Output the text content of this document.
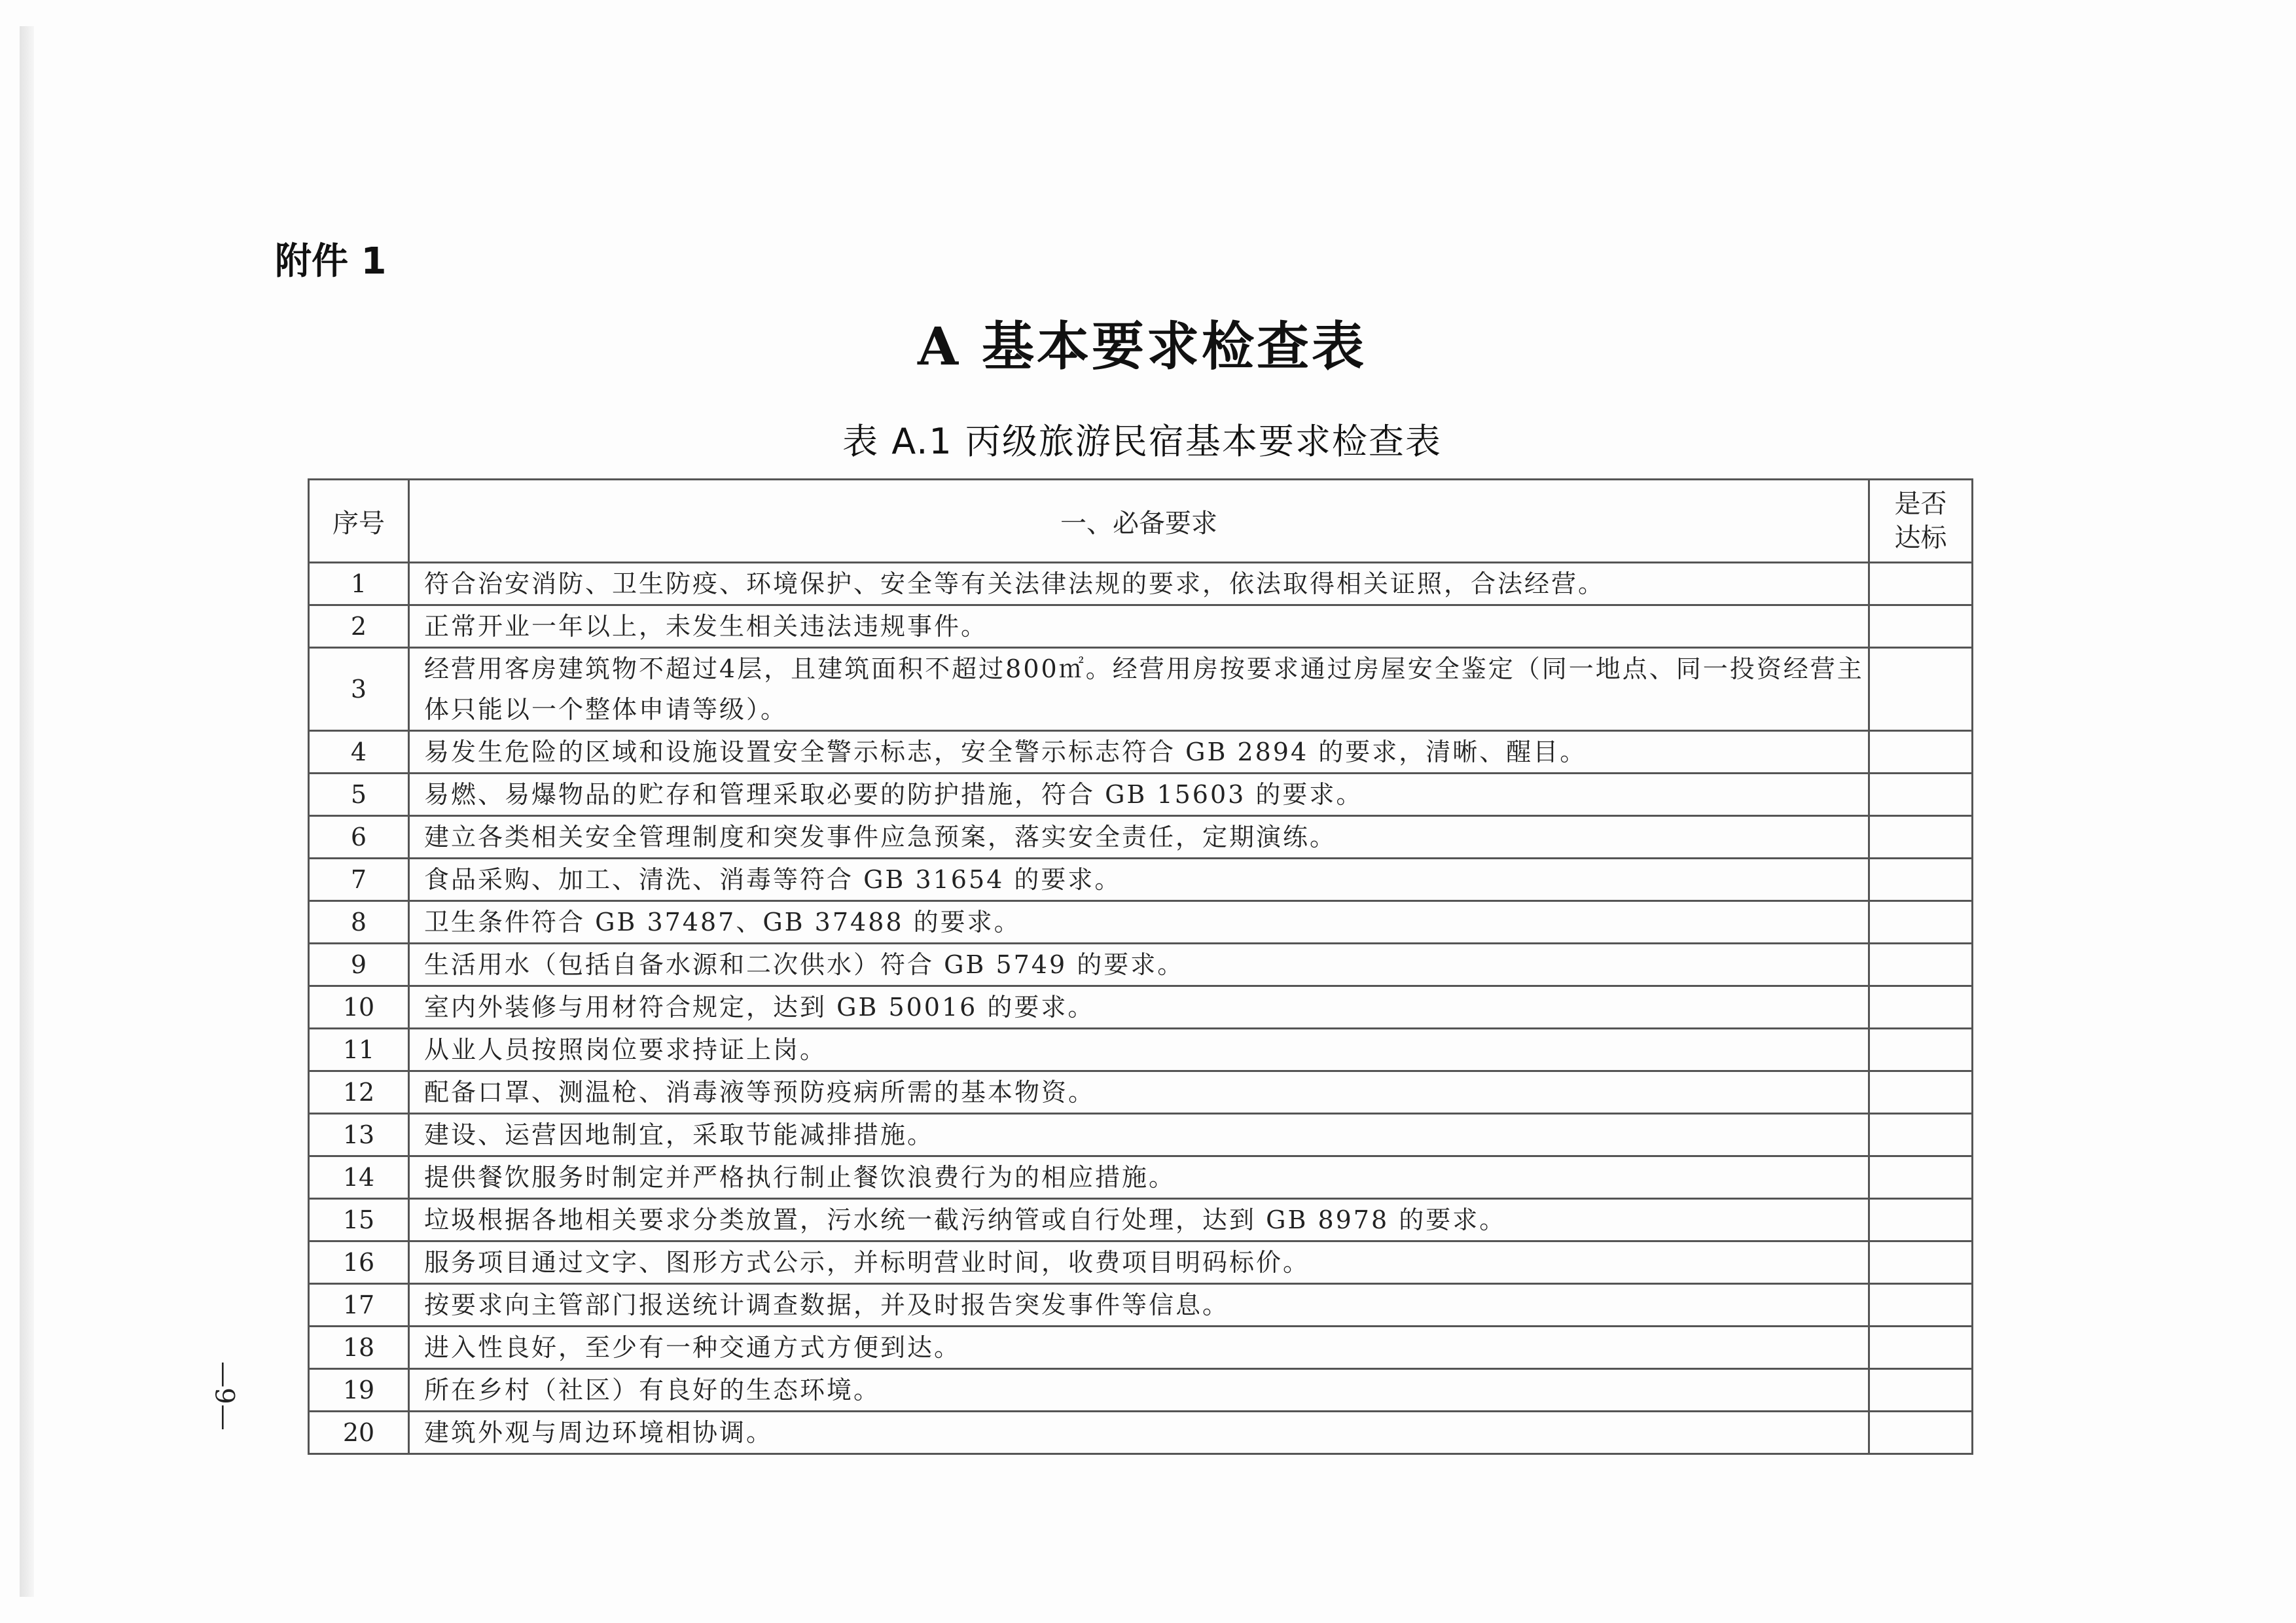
附件 1
A 基本要求检查表
表 A.1 丙级旅游民宿基本要求检查表
序号	一、必备要求	是否达标
1	符合治安消防、卫生防疫、环境保护、安全等有关法律法规的要求，依法取得相关证照，合法经营。	
2	正常开业一年以上，未发生相关违法违规事件。	
3	经营用客房建筑物不超过4层，且建筑面积不超过800㎡。经营用房按要求通过房屋安全鉴定（同一地点、同一投资经营主体只能以一个整体申请等级）。	
4	易发生危险的区域和设施设置安全警示标志，安全警示标志符合 GB 2894 的要求，清晰、醒目。	
5	易燃、易爆物品的贮存和管理采取必要的防护措施，符合 GB 15603 的要求。	
6	建立各类相关安全管理制度和突发事件应急预案，落实安全责任，定期演练。	
7	食品采购、加工、清洗、消毒等符合 GB 31654 的要求。	
8	卫生条件符合 GB 37487、GB 37488 的要求。	
9	生活用水（包括自备水源和二次供水）符合 GB 5749 的要求。	
10	室内外装修与用材符合规定，达到 GB 50016 的要求。	
11	从业人员按照岗位要求持证上岗。	
12	配备口罩、测温枪、消毒液等预防疫病所需的基本物资。	
13	建设、运营因地制宜，采取节能减排措施。	
14	提供餐饮服务时制定并严格执行制止餐饮浪费行为的相应措施。	
15	垃圾根据各地相关要求分类放置，污水统一截污纳管或自行处理，达到 GB 8978 的要求。	
16	服务项目通过文字、图形方式公示，并标明营业时间，收费项目明码标价。	
17	按要求向主管部门报送统计调查数据，并及时报告突发事件等信息。	
18	进入性良好，至少有一种交通方式方便到达。	
19	所在乡村（社区）有良好的生态环境。	
20	建筑外观与周边环境相协调。	
—9—
